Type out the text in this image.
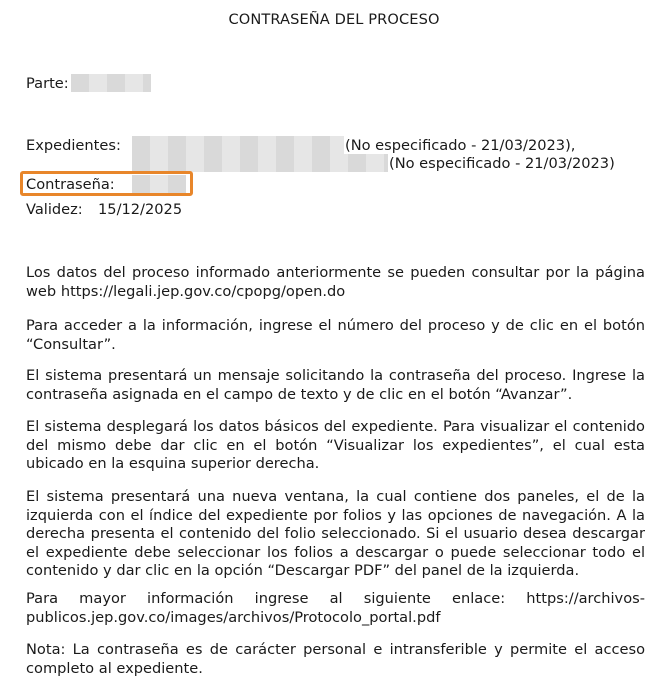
CONTRASEÑA DEL PROCESO
Parte:
Expedientes:	(No especificado - 21/03/2023),
(No especificado - 21/03/2023)
Contraseña:
Validez: 15/12/2025
Los datos del proceso informado anteriormente se pueden consultar por la página web https://legali.jep.gov.co/cpopg/open.do
Para acceder a la información, ingrese el número del proceso y de clic en el botón “Consultar”.
El sistema presentará un mensaje solicitando la contraseña del proceso. Ingrese la contraseña asignada en el campo de texto y de clic en el botón “Avanzar”.
El sistema desplegará los datos básicos del expediente. Para visualizar el contenido del mismo debe dar clic en el botón “Visualizar los expedientes”, el cual esta ubicado en la esquina superior derecha.
El sistema presentará una nueva ventana, la cual contiene dos paneles, el de la izquierda con el índice del expediente por folios y las opciones de navegación. A la derecha presenta el contenido del folio seleccionado. Si el usuario desea descargar el expediente debe seleccionar los folios a descargar o puede seleccionar todo el contenido y dar clic en la opción “Descargar PDF” del panel de la izquierda.
Para mayor información ingrese al siguiente enlace: https://archivos-publicos.jep.gov.co/images/archivos/Protocolo_portal.pdf
Nota: La contraseña es de carácter personal e intransferible y permite el acceso completo al expediente.
